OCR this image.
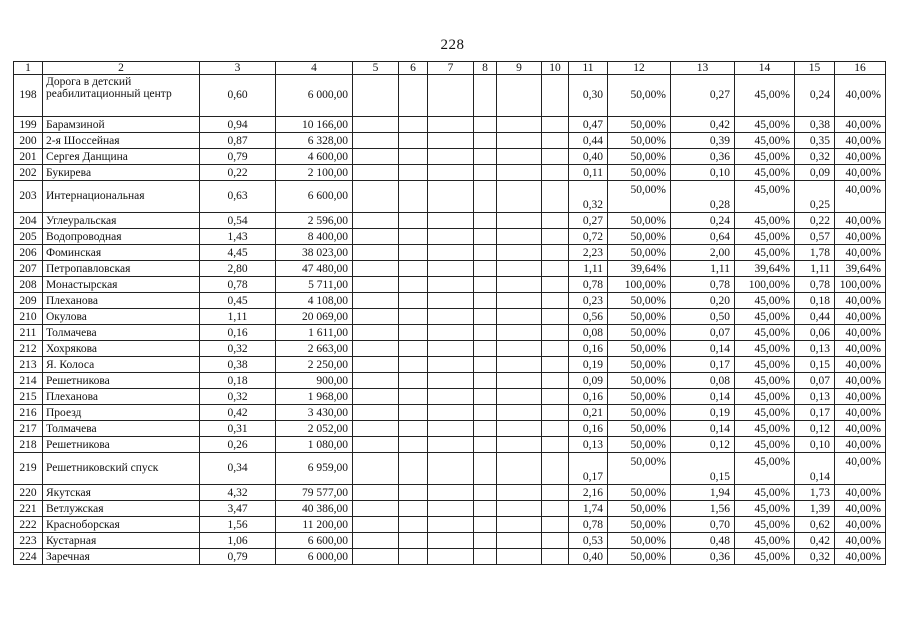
228
1	2	3	4	5	6	7	8	9	10	11	12	13	14	15	16
198	Дорога в детский реабилитационный центр	0,60	6 000,00							0,30	50,00%	0,27	45,00%	0,24	40,00%
199	Барамзиной	0,94	10 166,00							0,47	50,00%	0,42	45,00%	0,38	40,00%
200	2-я Шоссейная	0,87	6 328,00							0,44	50,00%	0,39	45,00%	0,35	40,00%
201	Сергея Данщина	0,79	4 600,00							0,40	50,00%	0,36	45,00%	0,32	40,00%
202	Букирева	0,22	2 100,00							0,11	50,00%	0,10	45,00%	0,09	40,00%
203	Интернациональная	0,63	6 600,00							0,32	50,00%	0,28	45,00%	0,25	40,00%
204	Углеуральская	0,54	2 596,00							0,27	50,00%	0,24	45,00%	0,22	40,00%
205	Водопроводная	1,43	8 400,00							0,72	50,00%	0,64	45,00%	0,57	40,00%
206	Фоминская	4,45	38 023,00							2,23	50,00%	2,00	45,00%	1,78	40,00%
207	Петропавловская	2,80	47 480,00							1,11	39,64%	1,11	39,64%	1,11	39,64%
208	Монастырская	0,78	5 711,00							0,78	100,00%	0,78	100,00%	0,78	100,00%
209	Плеханова	0,45	4 108,00							0,23	50,00%	0,20	45,00%	0,18	40,00%
210	Окулова	1,11	20 069,00							0,56	50,00%	0,50	45,00%	0,44	40,00%
211	Толмачева	0,16	1 611,00							0,08	50,00%	0,07	45,00%	0,06	40,00%
212	Хохрякова	0,32	2 663,00							0,16	50,00%	0,14	45,00%	0,13	40,00%
213	Я. Колоса	0,38	2 250,00							0,19	50,00%	0,17	45,00%	0,15	40,00%
214	Решетникова	0,18	900,00							0,09	50,00%	0,08	45,00%	0,07	40,00%
215	Плеханова	0,32	1 968,00							0,16	50,00%	0,14	45,00%	0,13	40,00%
216	Проезд	0,42	3 430,00							0,21	50,00%	0,19	45,00%	0,17	40,00%
217	Толмачева	0,31	2 052,00							0,16	50,00%	0,14	45,00%	0,12	40,00%
218	Решетникова	0,26	1 080,00							0,13	50,00%	0,12	45,00%	0,10	40,00%
219	Решетниковский спуск	0,34	6 959,00							0,17	50,00%	0,15	45,00%	0,14	40,00%
220	Якутская	4,32	79 577,00							2,16	50,00%	1,94	45,00%	1,73	40,00%
221	Ветлужская	3,47	40 386,00							1,74	50,00%	1,56	45,00%	1,39	40,00%
222	Красноборская	1,56	11 200,00							0,78	50,00%	0,70	45,00%	0,62	40,00%
223	Кустарная	1,06	6 600,00							0,53	50,00%	0,48	45,00%	0,42	40,00%
224	Заречная	0,79	6 000,00							0,40	50,00%	0,36	45,00%	0,32	40,00%
